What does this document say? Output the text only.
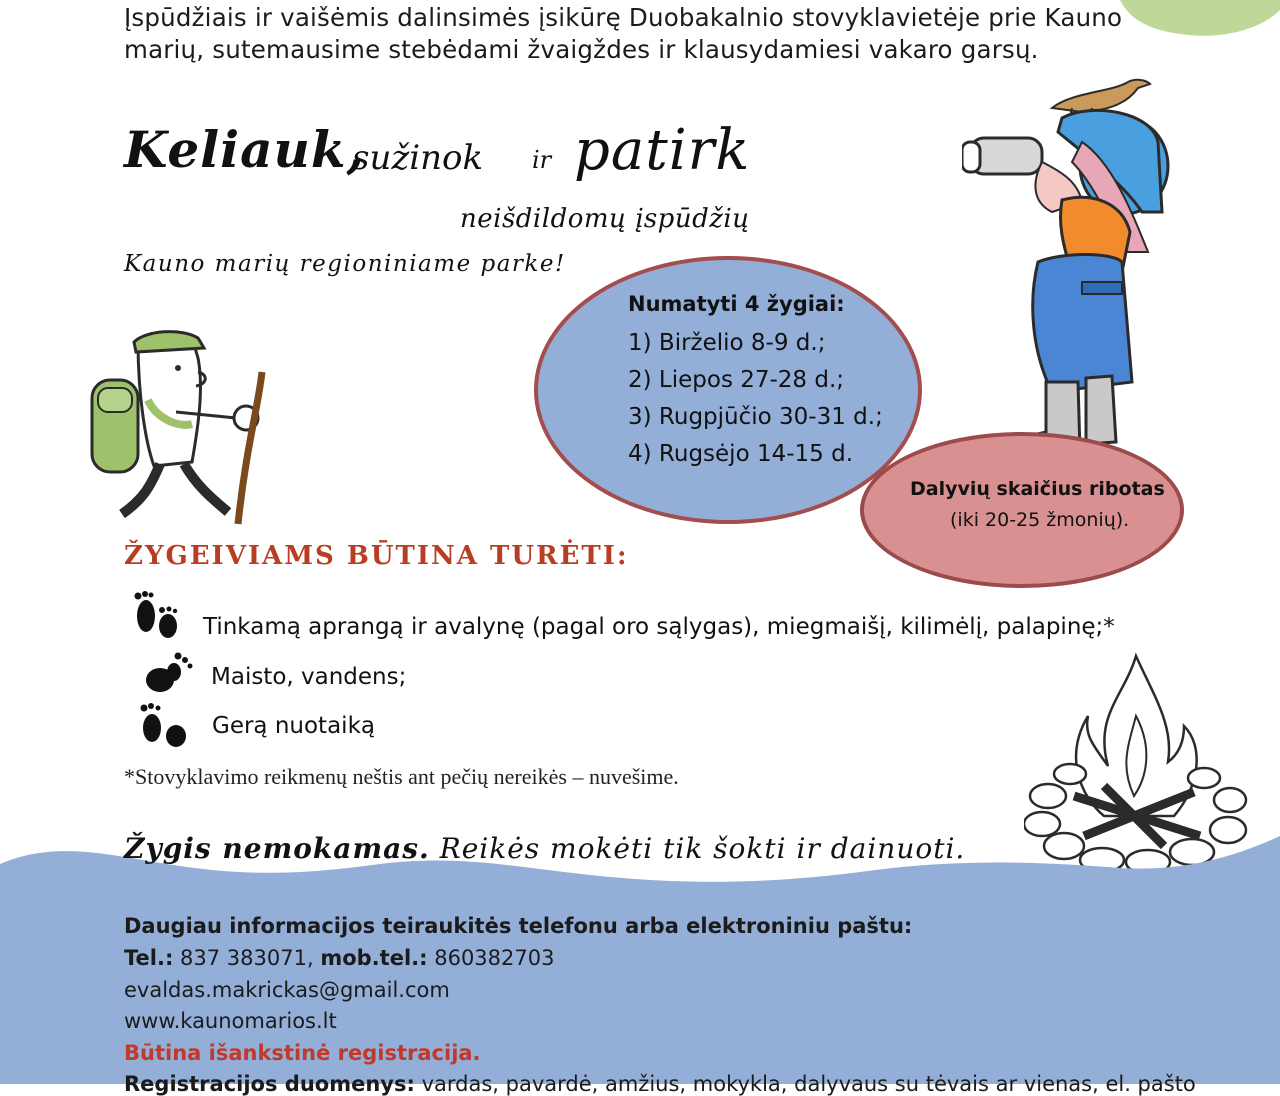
Įspūdžiais ir vaišėmis dalinsimės įsikūrę Duobakalnio stovyklavietėje prie Kauno
marių, sutemausime stebėdami žvaigždes ir klausydamiesi vakaro garsų.
Keliauk,
sužinok ir patirk
neišdildomų įspūdžių
Kauno marių regioniniame parke!
Numatyti 4 žygiai:
1) Birželio 8-9 d.;
2) Liepos 27-28 d.;
3) Rugpjūčio 30-31 d.;
4) Rugsėjo 14-15 d.
Dalyvių skaičius ribotas
(iki 20-25 žmonių).
ŽYGEIVIAMS BŪTINA TURĖTI:
Tinkamą aprangą ir avalynę (pagal oro sąlygas), miegmaišį, kilimėlį, palapinę;*
Maisto, vandens;
Gerą nuotaiką
*Stovyklavimo reikmenų neštis ant pečių nereikės – nuvešime.
Žygis nemokamas. Reikės mokėti tik šokti ir dainuoti.
Daugiau informacijos teiraukitės telefonu arba elektroniniu paštu:
Tel.: 837 383071, mob.tel.: 860382703
evaldas.makrickas@gmail.com
www.kaunomarios.lt
Būtina išankstinė registracija.
Registracijos duomenys: vardas, pavardė, amžius, mokykla, dalyvaus su tėvais ar vienas, el. pašto
